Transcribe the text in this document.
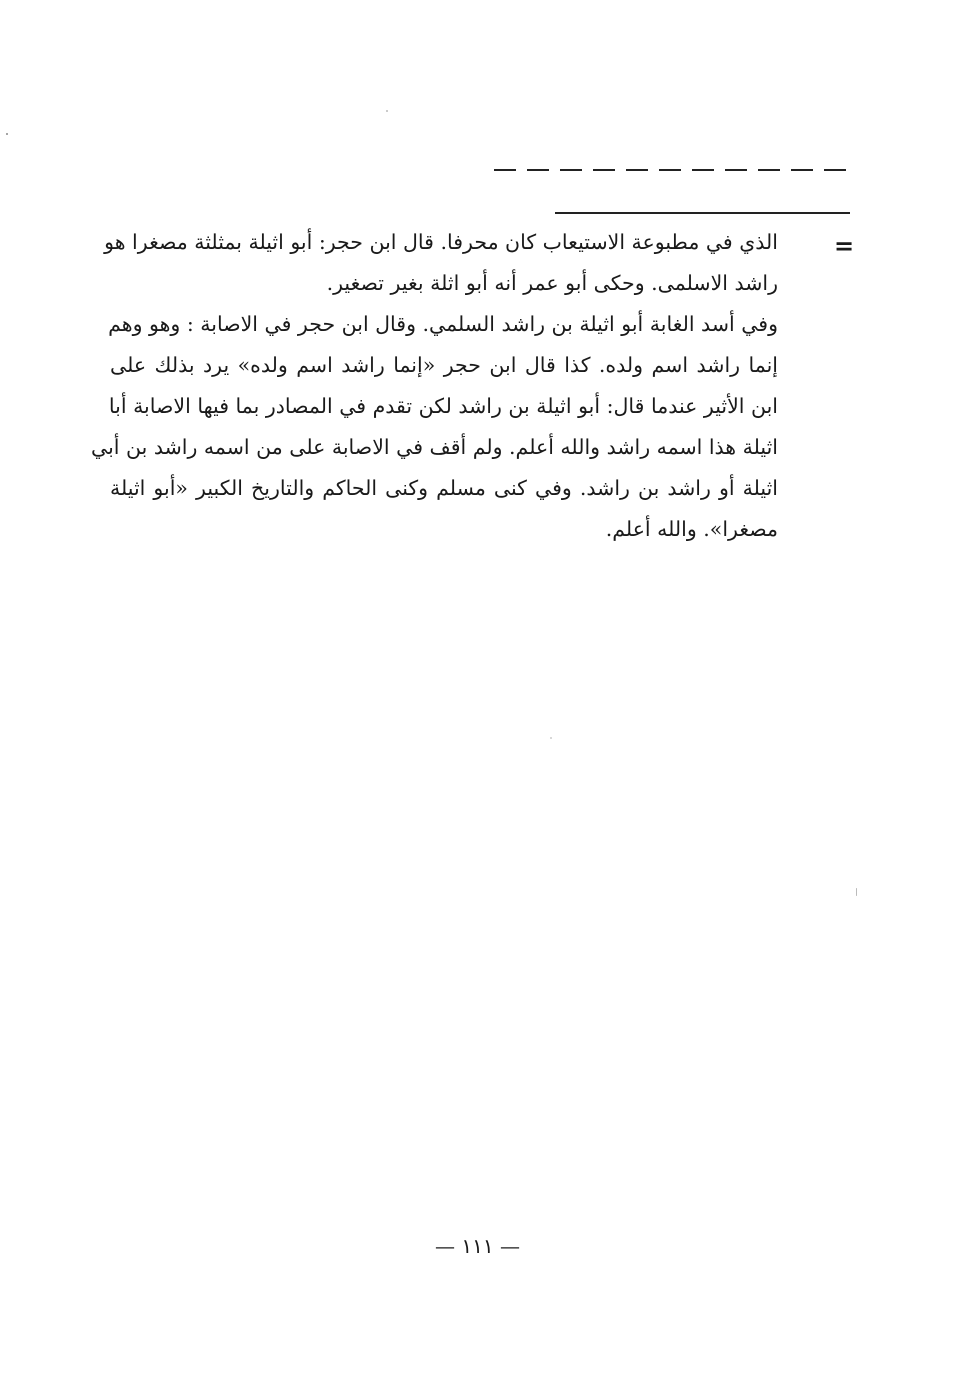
=
الذي في مطبوعة الاستيعاب كان محرفا. قال ابن حجر: أبو اثيلة بمثلثة مصغرا هو
راشد الاسلمى. وحكى أبو عمر أنه أبو اثلة بغير تصغير.
وفي أسد الغابة أبو اثيلة بن راشد السلمي. وقال ابن حجر في الاصابة : وهو وهم
إنما راشد اسم ولده. كذا قال ابن حجر «إنما راشد اسم ولده» يرد بذلك على
ابن الأثير عندما قال: أبو اثيلة بن راشد لكن تقدم في المصادر بما فيها الاصابة أبا
اثيلة هذا اسمه راشد والله أعلم. ولم أقف في الاصابة على من اسمه راشد بن أبي
اثيلة أو راشد بن راشد. وفي كنى مسلم وكنى الحاكم والتاريخ الكبير «أبو اثيلة
مصغرا». والله أعلم.
— ١١١ —
